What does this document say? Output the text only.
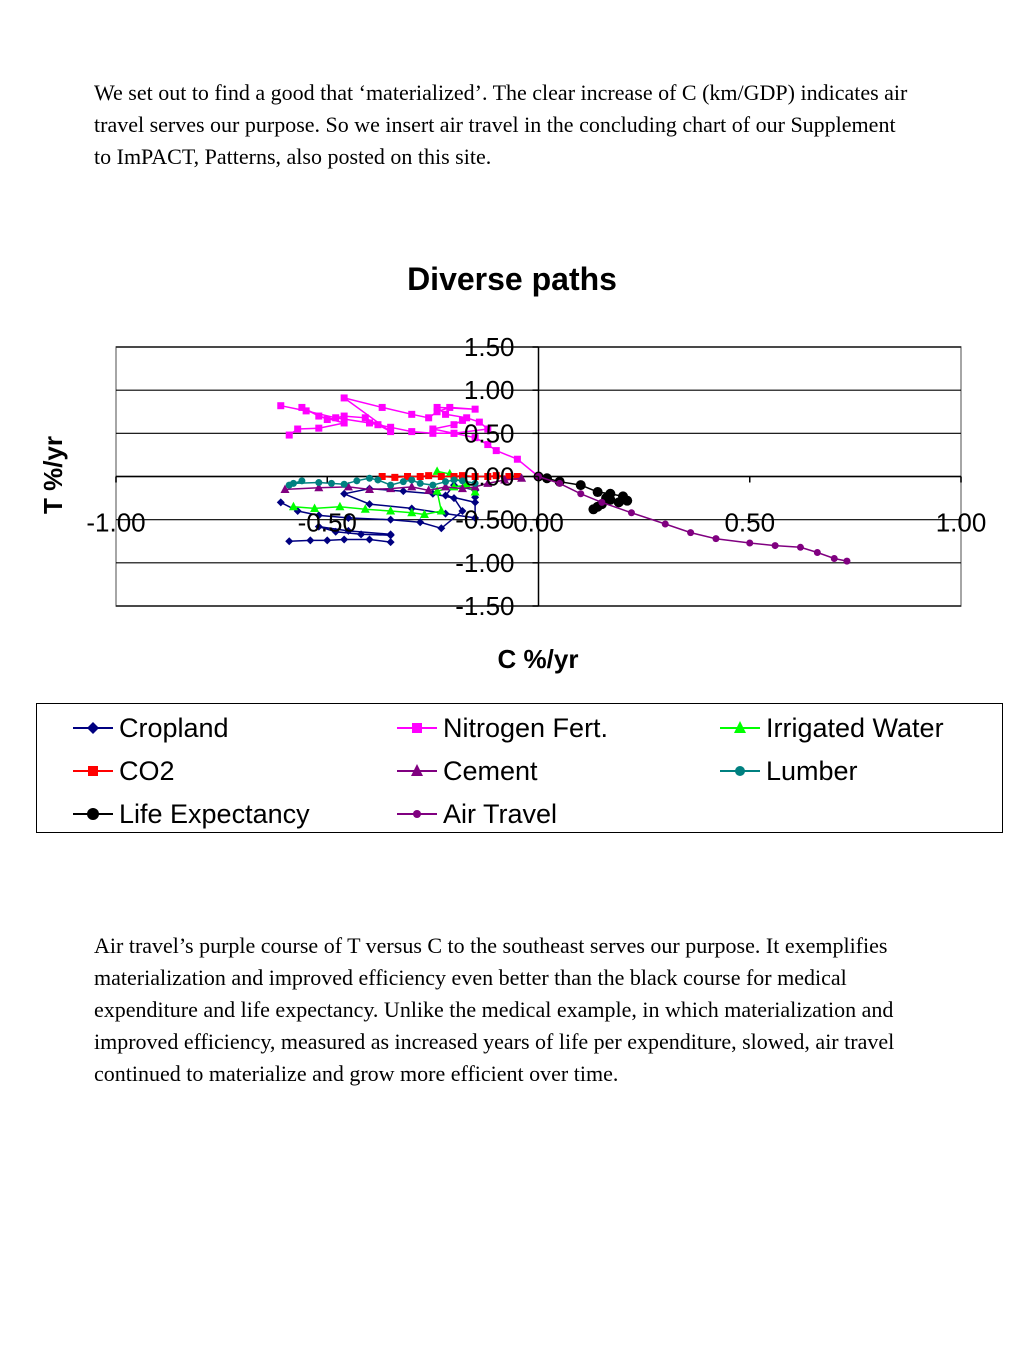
We set out to find a good that ‘materialized’. The clear increase of C (km/GDP) indicates air travel serves our purpose. So we insert air travel in the concluding chart of our Supplement to ImPACT, Patterns, also posted on this site.

Diverse paths
-1.00	-0.50	0.00	0.50	1.00
1.50
1.00
0.50
0.00
-0.50
-1.00
-1.50
C %/yr
T %/yr
Cropland	Nitrogen Fert.	Irrigated Water
CO2	Cement	Lumber
Life Expectancy	Air Travel

Air travel’s purple course of T versus C to the southeast serves our purpose. It exemplifies materialization and improved efficiency even better than the black course for medical expenditure and life expectancy. Unlike the medical example, in which materialization and improved efficiency, measured as increased years of life per expenditure, slowed, air travel continued to materialize and grow more efficient over time.
